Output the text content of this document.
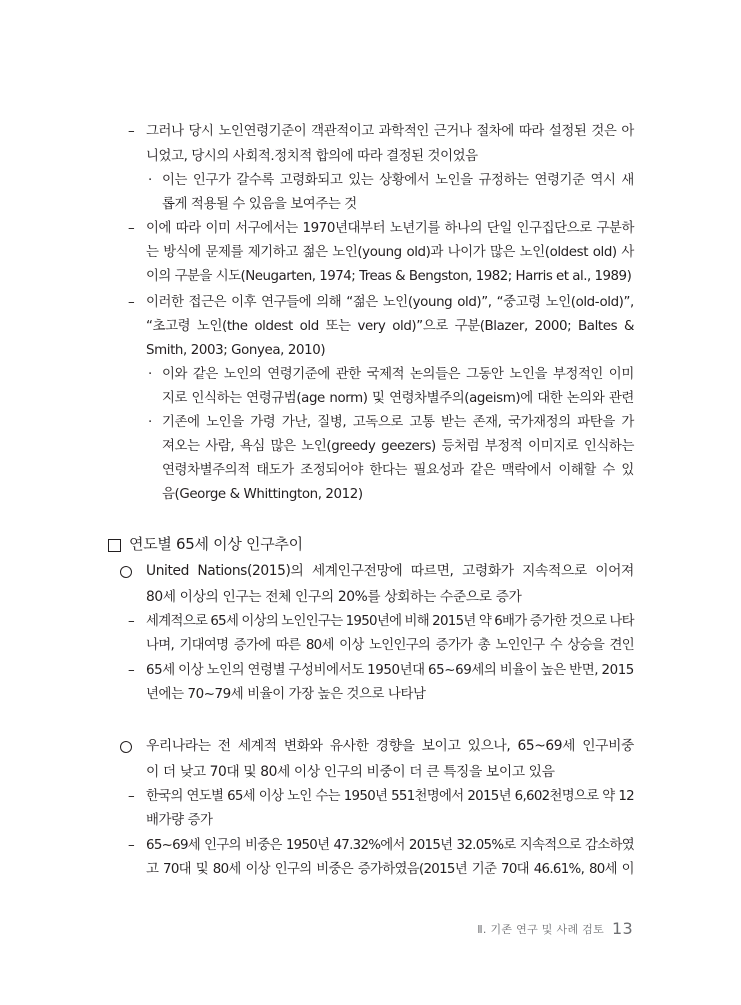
– 그러나 당시 노인연령기준이 객관적이고 과학적인 근거나 절차에 따라 설정된 것은 아
니었고, 당시의 사회적.정치적 합의에 따라 결정된 것이었음
· 이는 인구가 갈수록 고령화되고 있는 상황에서 노인을 규정하는 연령기준 역시 새
롭게 적용될 수 있음을 보여주는 것
– 이에 따라 이미 서구에서는 1970년대부터 노년기를 하나의 단일 인구집단으로 구분하
는 방식에 문제를 제기하고 젊은 노인(young old)과 나이가 많은 노인(oldest old) 사
이의 구분을 시도(Neugarten, 1974; Treas & Bengston, 1982; Harris et al., 1989)
– 이러한 접근은 이후 연구들에 의해 “젊은 노인(young old)”, “중고령 노인(old-old)”,
“초고령 노인(the oldest old 또는 very old)”으로 구분(Blazer, 2000; Baltes &
Smith, 2003; Gonyea, 2010)
· 이와 같은 노인의 연령기준에 관한 국제적 논의들은 그동안 노인을 부정적인 이미
지로 인식하는 연령규범(age norm) 및 연령차별주의(ageism)에 대한 논의와 관련
· 기존에 노인을 가령 가난, 질병, 고독으로 고통 받는 존재, 국가재정의 파탄을 가
져오는 사람, 욕심 많은 노인(greedy geezers) 등처럼 부정적 이미지로 인식하는
연령차별주의적 태도가 조정되어야 한다는 필요성과 같은 맥락에서 이해할 수 있
음(George & Whittington, 2012)
연도별 65세 이상 인구추이
United Nations(2015)의 세계인구전망에 따르면, 고령화가 지속적으로 이어져
80세 이상의 인구는 전체 인구의 20%를 상회하는 수준으로 증가
– 세계적으로 65세 이상의 노인인구는 1950년에 비해 2015년 약 6배가 증가한 것으로 나타
나며, 기대여명 증가에 따른 80세 이상 노인인구의 증가가 총 노인인구 수 상승을 견인
– 65세 이상 노인의 연령별 구성비에서도 1950년대 65~69세의 비율이 높은 반면, 2015
년에는 70~79세 비율이 가장 높은 것으로 나타남
우리나라는 전 세계적 변화와 유사한 경향을 보이고 있으나, 65~69세 인구비중
이 더 낮고 70대 및 80세 이상 인구의 비중이 더 큰 특징을 보이고 있음
– 한국의 연도별 65세 이상 노인 수는 1950년 551천명에서 2015년 6,602천명으로 약 12
배가량 증가
– 65~69세 인구의 비중은 1950년 47.32%에서 2015년 32.05%로 지속적으로 감소하였
고 70대 및 80세 이상 인구의 비중은 증가하였음(2015년 기준 70대 46.61%, 80세 이
Ⅱ. 기존 연구 및 사례 검토 13
